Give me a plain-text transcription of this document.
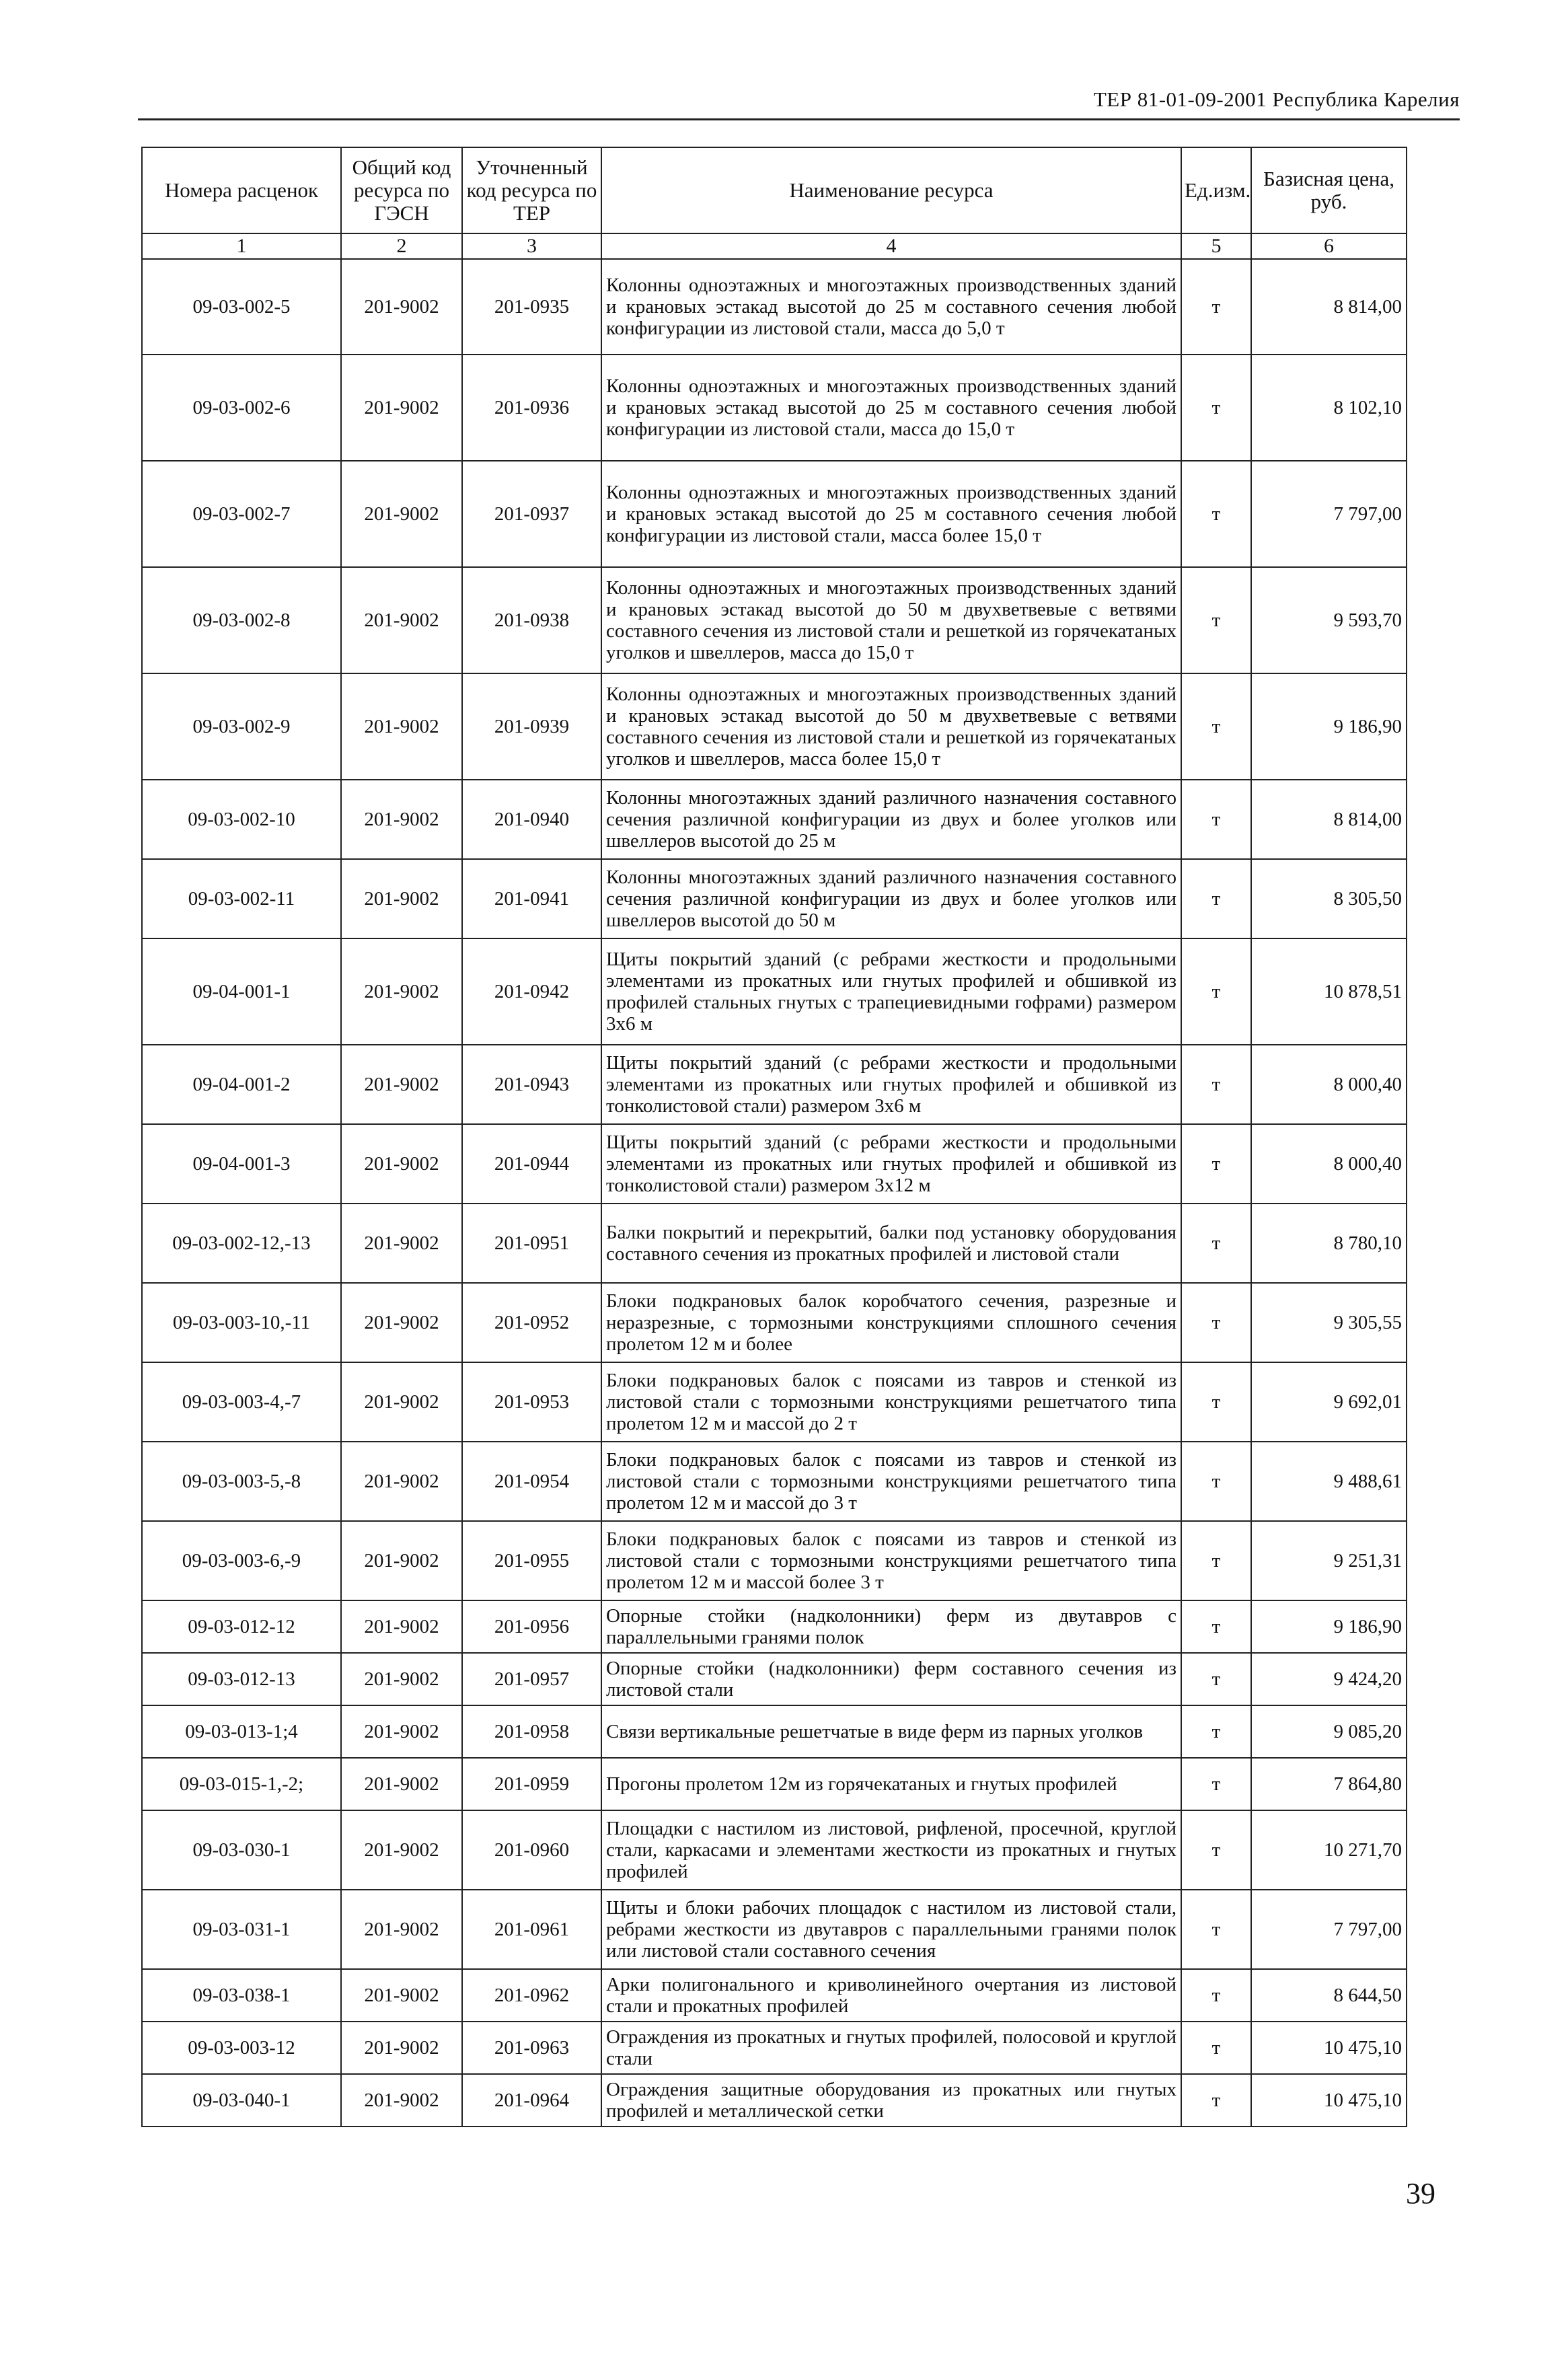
ТЕР 81-01-09-2001 Республика Карелия
Номера расценок	Общий код ресурса по ГЭСН	Уточненный код ресурса по ТЕР	Наименование ресурса	Ед.изм.	Базисная цена, руб.
1	2	3	4	5	6
09-03-002-5	201-9002	201-0935	Колонны одноэтажных и многоэтажных производственных зданий и крановых эстакад высотой до 25 м составного сечения любой конфигурации из листовой стали, масса до 5,0 т	т	8 814,00
09-03-002-6	201-9002	201-0936	Колонны одноэтажных и многоэтажных производственных зданий и крановых эстакад высотой до 25 м составного сечения любой конфигурации из листовой стали, масса до 15,0 т	т	8 102,10
09-03-002-7	201-9002	201-0937	Колонны одноэтажных и многоэтажных производственных зданий и крановых эстакад высотой до 25 м составного сечения любой конфигурации из листовой стали, масса более 15,0 т	т	7 797,00
09-03-002-8	201-9002	201-0938	Колонны одноэтажных и многоэтажных производственных зданий и крановых эстакад высотой до 50 м двухветвевые с ветвями составного сечения из листовой стали и решеткой из горячекатаных уголков и швеллеров, масса до 15,0 т	т	9 593,70
09-03-002-9	201-9002	201-0939	Колонны одноэтажных и многоэтажных производственных зданий и крановых эстакад высотой до 50 м двухветвевые с ветвями составного сечения из листовой стали и решеткой из горячекатаных уголков и швеллеров, масса более 15,0 т	т	9 186,90
09-03-002-10	201-9002	201-0940	Колонны многоэтажных зданий различного назначения составного сечения различной конфигурации из двух и более уголков или швеллеров высотой до 25 м	т	8 814,00
09-03-002-11	201-9002	201-0941	Колонны многоэтажных зданий различного назначения составного сечения различной конфигурации из двух и более уголков или швеллеров высотой до 50 м	т	8 305,50
09-04-001-1	201-9002	201-0942	Щиты покрытий зданий (с ребрами жесткости и продольными элементами из прокатных или гнутых профилей и обшивкой из профилей стальных гнутых с трапециевидными гофрами) размером 3х6 м	т	10 878,51
09-04-001-2	201-9002	201-0943	Щиты покрытий зданий (с ребрами жесткости и продольными элементами из прокатных или гнутых профилей и обшивкой из тонколистовой стали) размером 3х6 м	т	8 000,40
09-04-001-3	201-9002	201-0944	Щиты покрытий зданий (с ребрами жесткости и продольными элементами из прокатных или гнутых профилей и обшивкой из тонколистовой стали) размером 3х12 м	т	8 000,40
09-03-002-12,-13	201-9002	201-0951	Балки покрытий и перекрытий, балки под установку оборудования составного сечения из прокатных профилей и листовой стали	т	8 780,10
09-03-003-10,-11	201-9002	201-0952	Блоки подкрановых балок коробчатого сечения, разрезные и неразрезные, с тормозными конструкциями сплошного сечения пролетом 12 м и более	т	9 305,55
09-03-003-4,-7	201-9002	201-0953	Блоки подкрановых балок с поясами из тавров и стенкой из листовой стали с тормозными конструкциями решетчатого типа пролетом 12 м и массой до 2 т	т	9 692,01
09-03-003-5,-8	201-9002	201-0954	Блоки подкрановых балок с поясами из тавров и стенкой из листовой стали с тормозными конструкциями решетчатого типа пролетом 12 м и массой до 3 т	т	9 488,61
09-03-003-6,-9	201-9002	201-0955	Блоки подкрановых балок с поясами из тавров и стенкой из листовой стали с тормозными конструкциями решетчатого типа пролетом 12 м и массой более 3 т	т	9 251,31
09-03-012-12	201-9002	201-0956	Опорные стойки (надколонники) ферм из двутавров с параллельными гранями полок	т	9 186,90
09-03-012-13	201-9002	201-0957	Опорные стойки (надколонники) ферм составного сечения из листовой стали	т	9 424,20
09-03-013-1;4	201-9002	201-0958	Связи вертикальные решетчатые в виде ферм из парных уголков	т	9 085,20
09-03-015-1,-2;	201-9002	201-0959	Прогоны пролетом 12м из горячекатаных и гнутых профилей	т	7 864,80
09-03-030-1	201-9002	201-0960	Площадки с настилом из листовой, рифленой, просечной, круглой стали, каркасами и элементами жесткости из прокатных и гнутых профилей	т	10 271,70
09-03-031-1	201-9002	201-0961	Щиты и блоки рабочих площадок с настилом из листовой стали, ребрами жесткости из двутавров с параллельными гранями полок или листовой стали составного сечения	т	7 797,00
09-03-038-1	201-9002	201-0962	Арки полигонального и криволинейного очертания из листовой стали и прокатных профилей	т	8 644,50
09-03-003-12	201-9002	201-0963	Ограждения из прокатных и гнутых профилей, полосовой и круглой стали	т	10 475,10
09-03-040-1	201-9002	201-0964	Ограждения защитные оборудования из прокатных или гнутых профилей и металлической сетки	т	10 475,10
39
